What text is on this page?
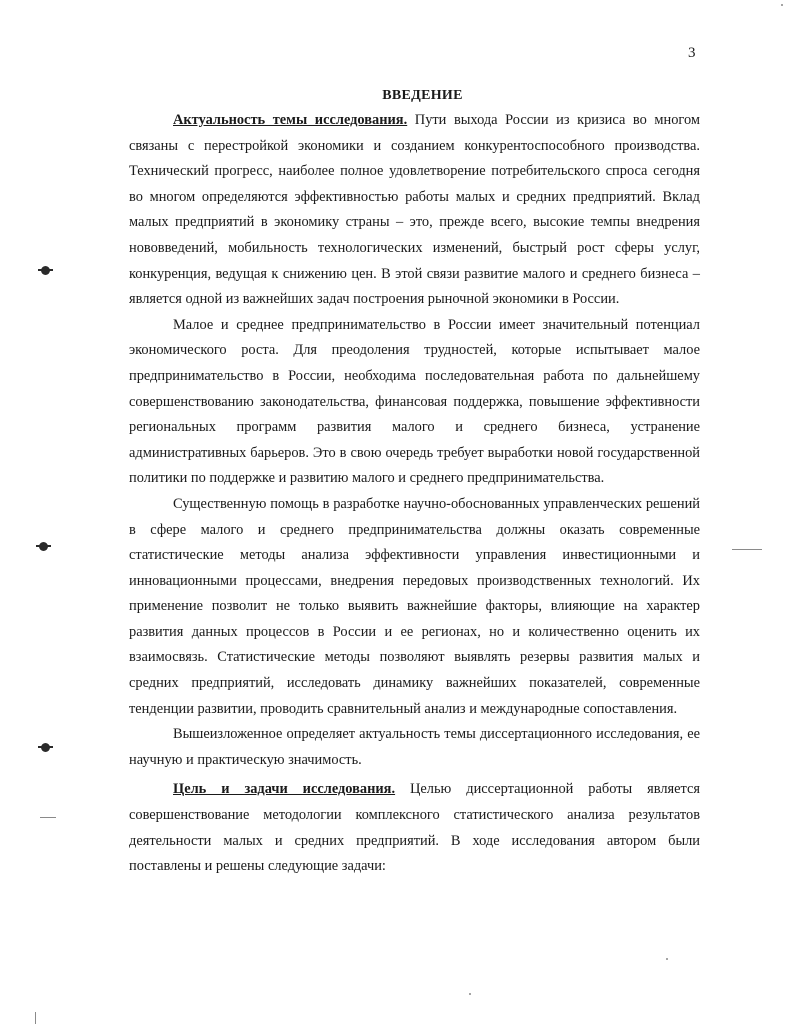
3
ВВЕДЕНИЕ

Актуальность темы исследования. Пути выхода России из кризиса во многом связаны с перестройкой экономики и созданием конкурентоспособного производства. Технический прогресс, наиболее полное удовлетворение потребительского спроса сегодня во многом определяются эффективностью работы малых и средних предприятий. Вклад малых предприятий в экономику страны – это, прежде всего, высокие темпы внедрения нововведений, мобильность технологических изменений, быстрый рост сферы услуг, конкуренция, ведущая к снижению цен. В этой связи развитие малого и среднего бизнеса – является одной из важнейших задач построения рыночной экономики в России.

Малое и среднее предпринимательство в России имеет значительный потенциал экономического роста. Для преодоления трудностей, которые испытывает малое предпринимательство в России, необходима последовательная работа по дальнейшему совершенствованию законодательства, финансовая поддержка, повышение эффективности региональных программ развития малого и среднего бизнеса, устранение административных барьеров. Это в свою очередь требует выработки новой государственной политики по поддержке и развитию малого и среднего предпринимательства.

Существенную помощь в разработке научно-обоснованных управленческих решений в сфере малого и среднего предпринимательства должны оказать современные статистические методы анализа эффективности управления инвестиционными и инновационными процессами, внедрения передовых производственных технологий. Их применение позволит не только выявить важнейшие факторы, влияющие на характер развития данных процессов в России и ее регионах, но и количественно оценить их взаимосвязь. Статистические методы позволяют выявлять резервы развития малых и средних предприятий, исследовать динамику важнейших показателей, современные тенденции развитии, проводить сравнительный анализ и международные сопоставления.

Вышеизложенное определяет актуальность темы диссертационного исследования, ее научную и практическую значимость.

Цель и задачи исследования. Целью диссертационной работы является совершенствование методологии комплексного статистического анализа результатов деятельности малых и средних предприятий. В ходе исследования автором были поставлены и решены следующие задачи:
